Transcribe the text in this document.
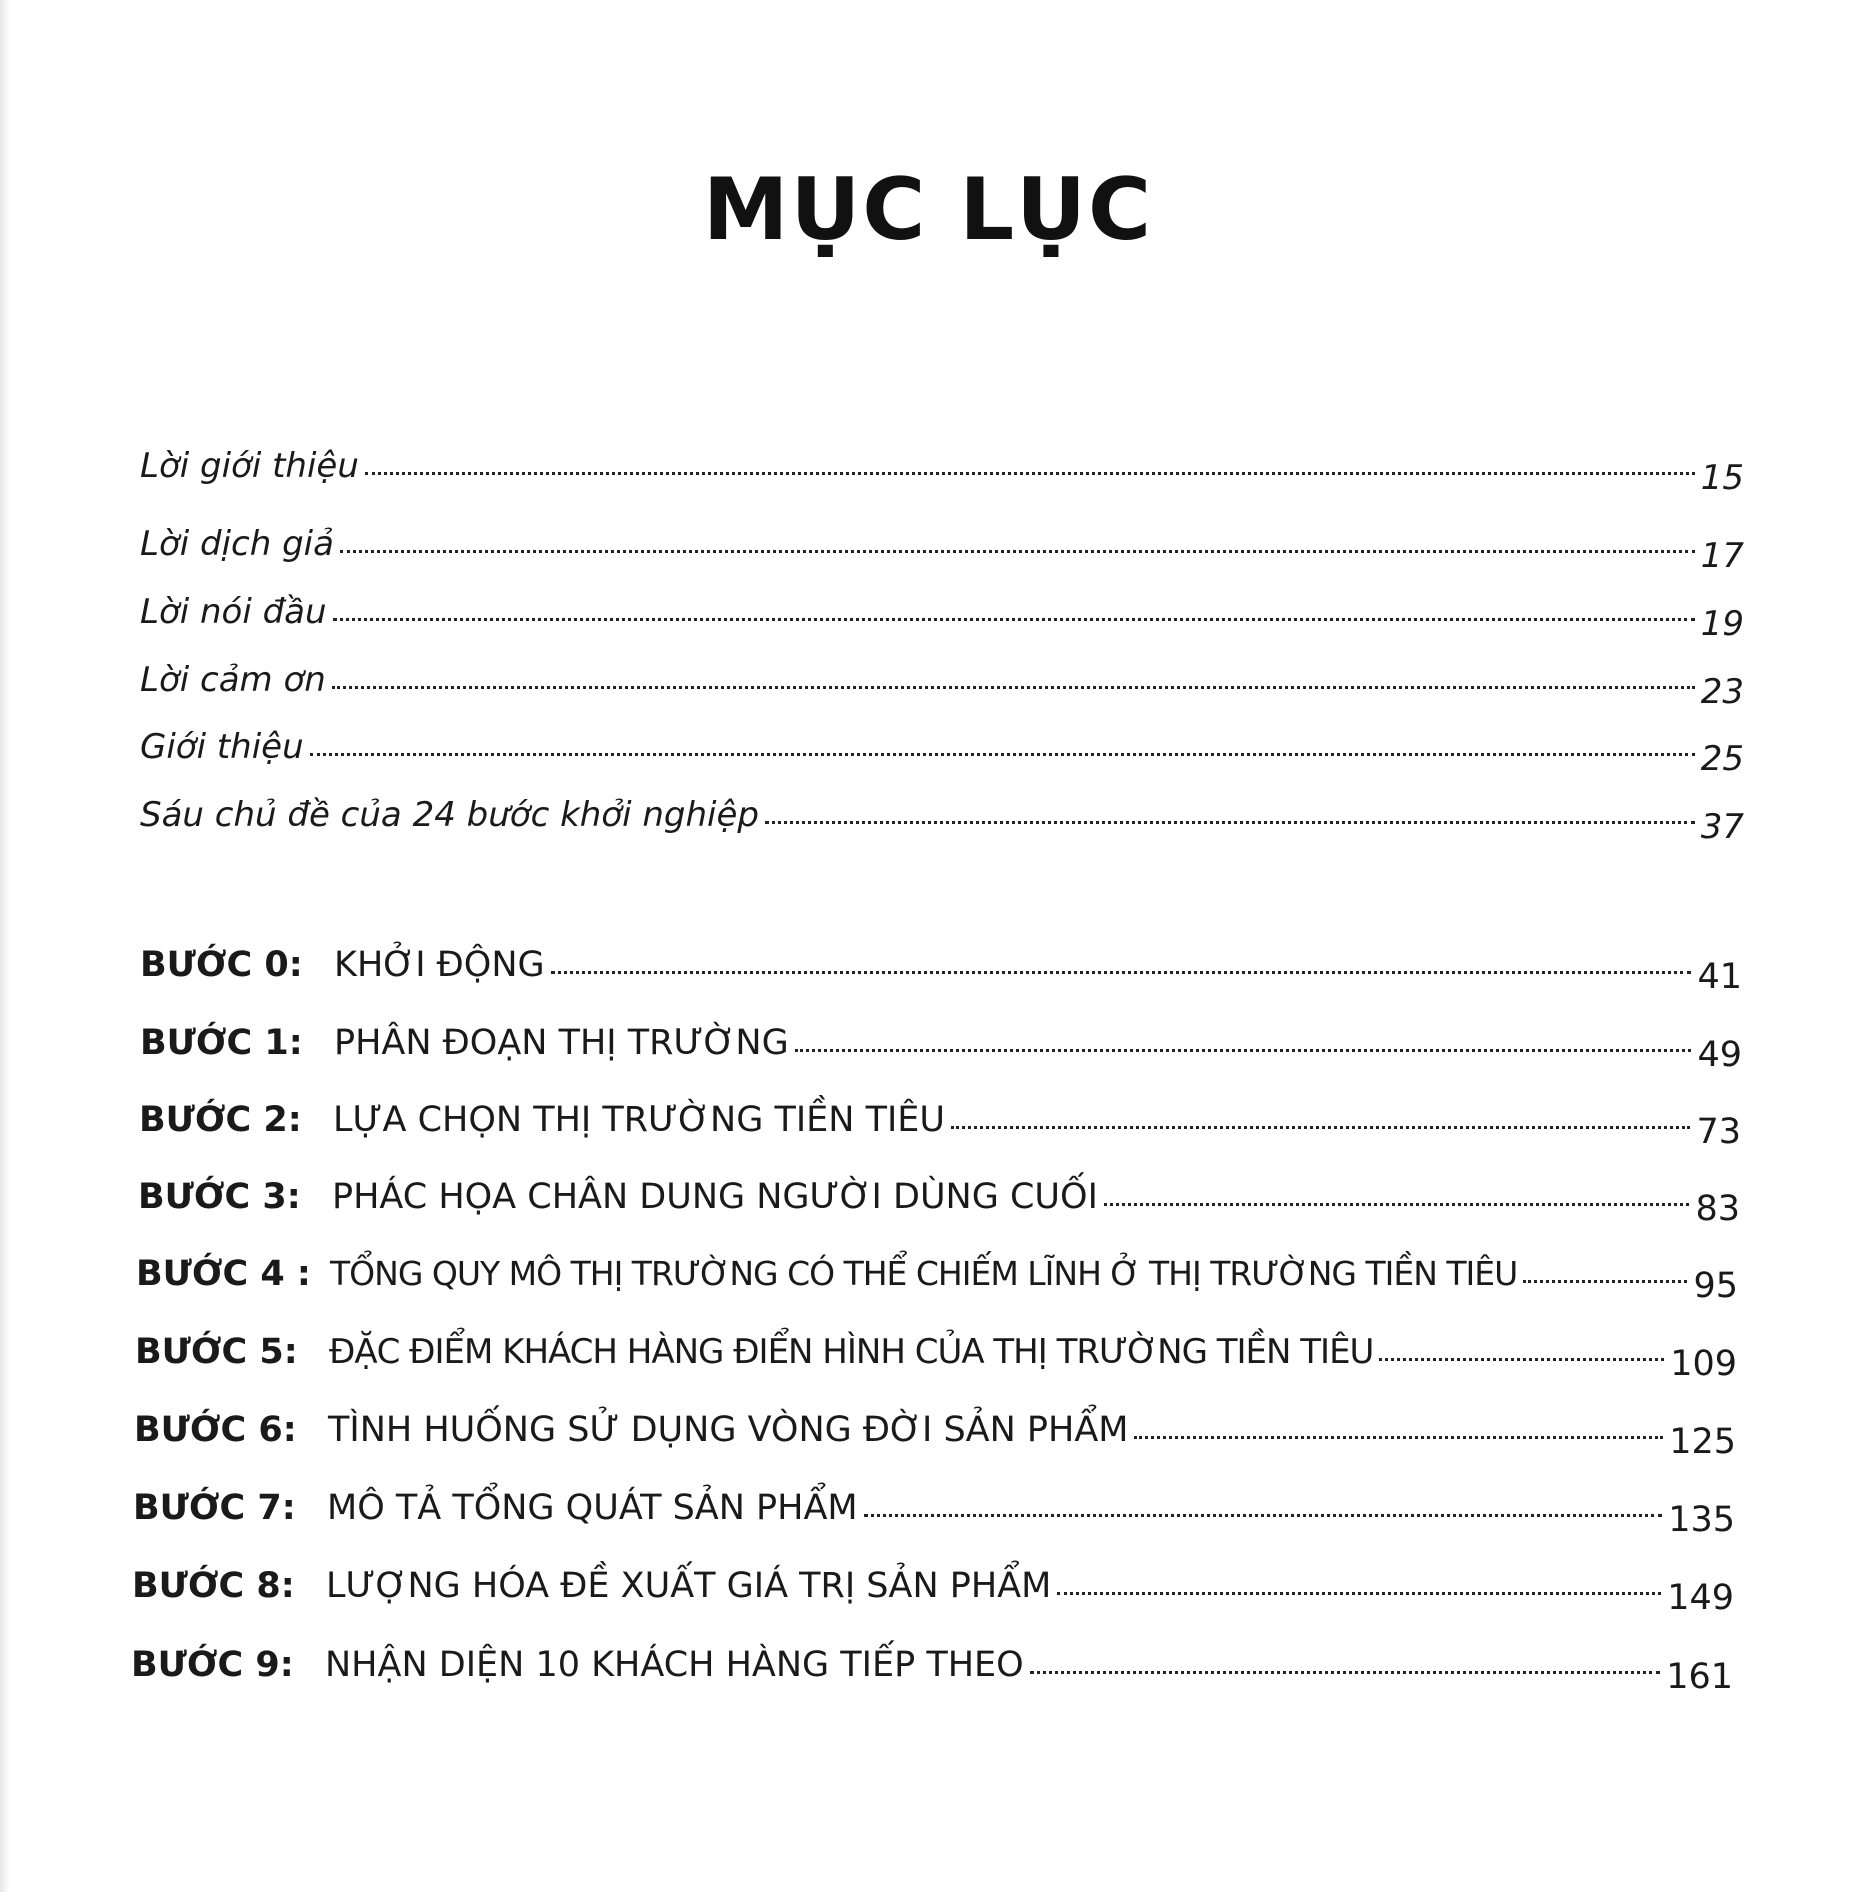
MỤC LỤC
Lời giới thiệu	15
Lời dịch giả	17
Lời nói đầu	19
Lời cảm ơn	23
Giới thiệu	25
Sáu chủ đề của 24 bước khởi nghiệp	37
BƯỚC 0: KHỞI ĐỘNG	41
BƯỚC 1: PHÂN ĐOẠN THỊ TRƯỜNG	49
BƯỚC 2: LỰA CHỌN THỊ TRƯỜNG TIỀN TIÊU	73
BƯỚC 3: PHÁC HỌA CHÂN DUNG NGƯỜI DÙNG CUỐI	83
BƯỚC 4 : TỔNG QUY MÔ THỊ TRƯỜNG CÓ THỂ CHIẾM LĨNH Ở THỊ TRƯỜNG TIỀN TIÊU	95
BƯỚC 5: ĐẶC ĐIỂM KHÁCH HÀNG ĐIỂN HÌNH CỦA THỊ TRƯỜNG TIỀN TIÊU	109
BƯỚC 6: TÌNH HUỐNG SỬ DỤNG VÒNG ĐỜI SẢN PHẨM	125
BƯỚC 7: MÔ TẢ TỔNG QUÁT SẢN PHẨM	135
BƯỚC 8: LƯỢNG HÓA ĐỀ XUẤT GIÁ TRỊ SẢN PHẨM	149
BƯỚC 9: NHẬN DIỆN 10 KHÁCH HÀNG TIẾP THEO	161
